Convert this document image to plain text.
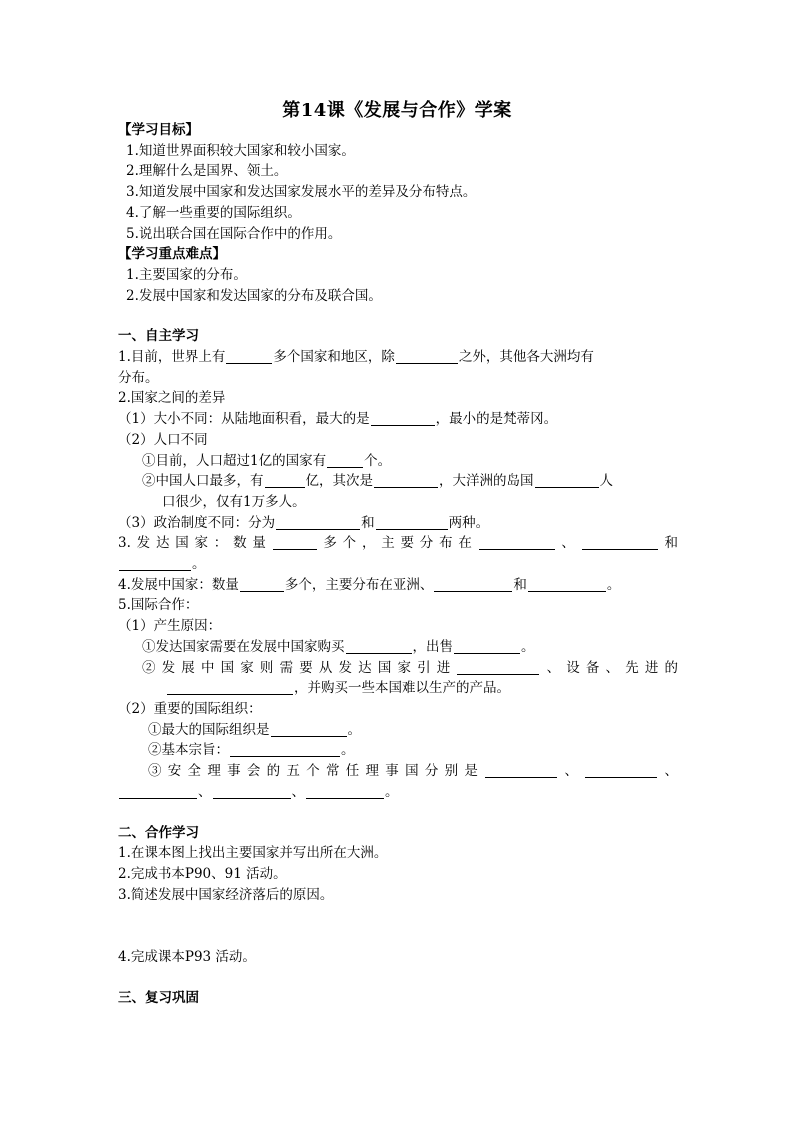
第14课《发展与合作》学案
【学习目标】
1.知道世界面积较大国家和较小国家。
2.理解什么是国界、领土。
3.知道发展中国家和发达国家发展水平的差异及分布特点。
4.了解一些重要的国际组织。
5.说出联合国在国际合作中的作用。
【学习重点难点】
1.主要国家的分布。
2.发展中国家和发达国家的分布及联合国。
一、自主学习
1.目前，世界上有	多个国家和地区，除	之外，其他各大洲均有
分布。
2.国家之间的差异
（1）大小不同：从陆地面积看，最大的是	，最小的是梵蒂冈。
（2）人口不同
①目前，人口超过1亿的国家有	个。
②中国人口最多，有	亿，其次是	，大洋洲的岛国	人
口很少，仅有1万多人。
（3）政治制度不同：分为	和	两种。
3.发达国家：数量	多个，主要分布在	、	和
。
4.发展中国家：数量	多个，主要分布在亚洲、	和	。
5.国际合作：
（1）产生原因：
①发达国家需要在发展中国家购买	，出售	。
②发展中国家则需要从发达国家引进	、设备、先进的
，并购买一些本国难以生产的产品。
（2）重要的国际组织：
①最大的国际组织是	。
②基本宗旨：	。
③安全理事会的五个常任理事国分别是	、	、
、	、	。
二、合作学习
1.在课本图上找出主要国家并写出所在大洲。
2.完成书本P90、91 活动。
3.简述发展中国家经济落后的原因。
4.完成课本P93 活动。
三、复习巩固
